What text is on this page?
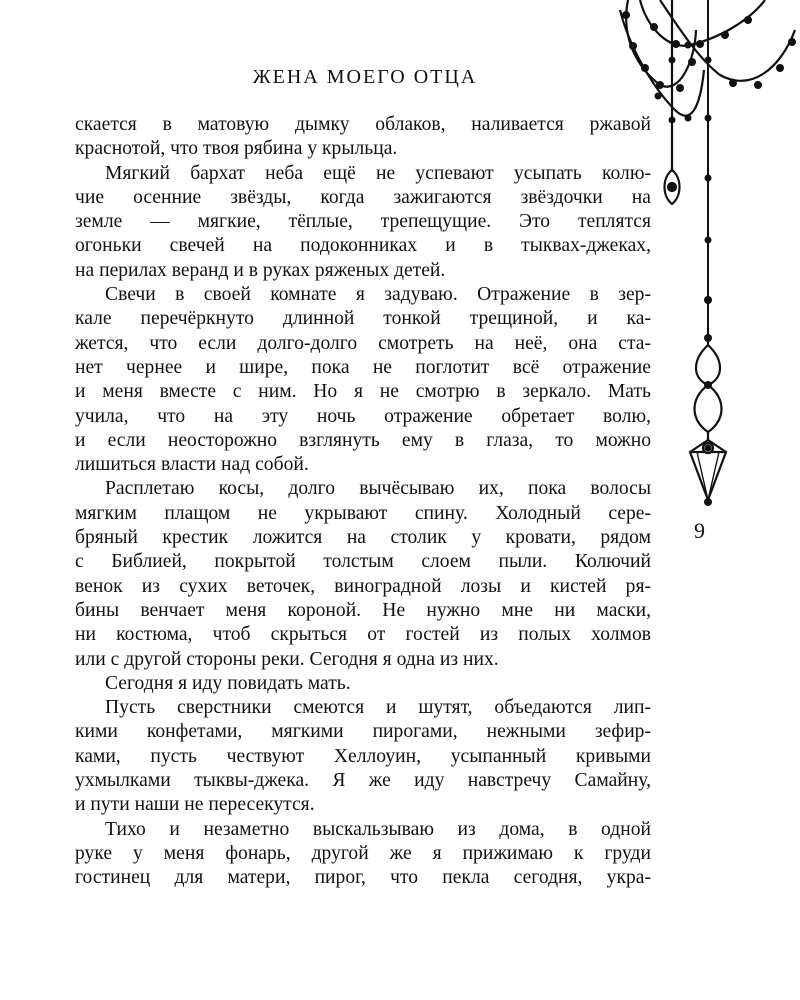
ЖЕНА МОЕГО ОТЦА
скается в матовую дымку облаков, наливается ржавой
краснотой, что твоя рябина у крыльца.
Мягкий бархат неба ещё не успевают усыпать колю-
чие осенние звёзды, когда зажигаются звёздочки на
земле — мягкие, тёплые, трепещущие. Это теплятся
огоньки свечей на подоконниках и в тыквах-джеках,
на перилах веранд и в руках ряженых детей.
Свечи в своей комнате я задуваю. Отражение в зер-
кале перечёркнуто длинной тонкой трещиной, и ка-
жется, что если долго-долго смотреть на неё, она ста-
нет чернее и шире, пока не поглотит всё отражение
и меня вместе с ним. Но я не смотрю в зеркало. Мать
учила, что на эту ночь отражение обретает волю,
и если неосторожно взглянуть ему в глаза, то можно
лишиться власти над собой.
Расплетаю косы, долго вычёсываю их, пока волосы
мягким плащом не укрывают спину. Холодный сере-
бряный крестик ложится на столик у кровати, рядом
с Библией, покрытой толстым слоем пыли. Колючий
венок из сухих веточек, виноградной лозы и кистей ря-
бины венчает меня короной. Не нужно мне ни маски,
ни костюма, чтоб скрыться от гостей из полых холмов
или с другой стороны реки. Сегодня я одна из них.
Сегодня я иду повидать мать.
Пусть сверстники смеются и шутят, объедаются лип-
кими конфетами, мягкими пирогами, нежными зефир-
ками, пусть чествуют Хеллоуин, усыпанный кривыми
ухмылками тыквы-джека. Я же иду навстречу Самайну,
и пути наши не пересекутся.
Тихо и незаметно выскальзываю из дома, в одной
руке у меня фонарь, другой же я прижимаю к груди
гостинец для матери, пирог, что пекла сегодня, укра-
9
